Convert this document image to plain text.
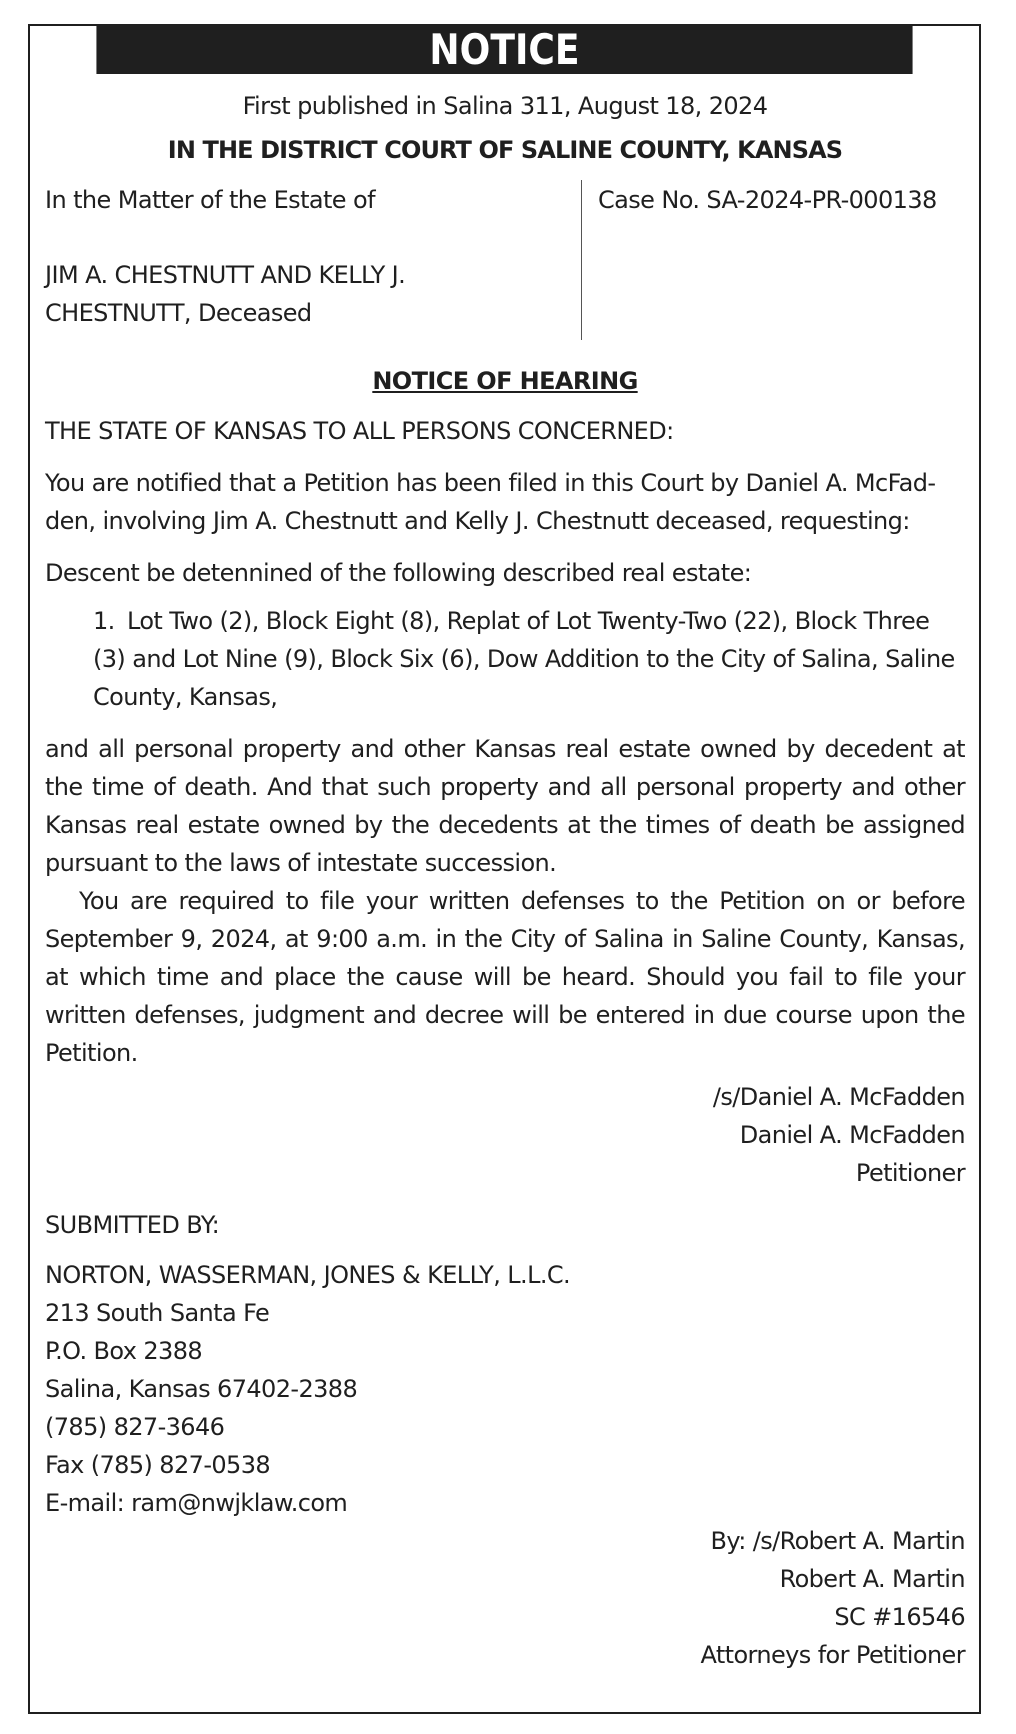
NOTICE
First published in Salina 311, August 18, 2024
IN THE DISTRICT COURT OF SALINE COUNTY, KANSAS
In the Matter of the Estate of
JIM A. CHESTNUTT AND KELLY J.
CHESTNUTT, Deceased
Case No. SA-2024-PR-000138
NOTICE OF HEARING
THE STATE OF KANSAS TO ALL PERSONS CONCERNED:
You are notified that a Petition has been filed in this Court by Daniel A. McFad-
den, involving Jim A. Chestnutt and Kelly J. Chestnutt deceased, requesting:
Descent be detennined of the following described real estate:
1. Lot Two (2), Block Eight (8), Replat of Lot Twenty-Two (22), Block Three
(3) and Lot Nine (9), Block Six (6), Dow Addition to the City of Salina, Saline
County, Kansas,
and all personal property and other Kansas real estate owned by decedent at the time of death. And that such property and all personal property and other Kansas real estate owned by the decedents at the times of death be assigned pursuant to the laws of intestate succession.
You are required to file your written defenses to the Petition on or before September 9, 2024, at 9:00 a.m. in the City of Salina in Saline County, Kansas, at which time and place the cause will be heard. Should you fail to file your written defenses, judgment and decree will be entered in due course upon the Petition.
/s/Daniel A. McFadden
Daniel A. McFadden
Petitioner
SUBMITTED BY:
NORTON, WASSERMAN, JONES & KELLY, L.L.C.
213 South Santa Fe
P.O. Box 2388
Salina, Kansas 67402-2388
(785) 827-3646
Fax (785) 827-0538
E-mail: ram@nwjklaw.com
By: /s/Robert A. Martin
Robert A. Martin
SC #16546
Attorneys for Petitioner
